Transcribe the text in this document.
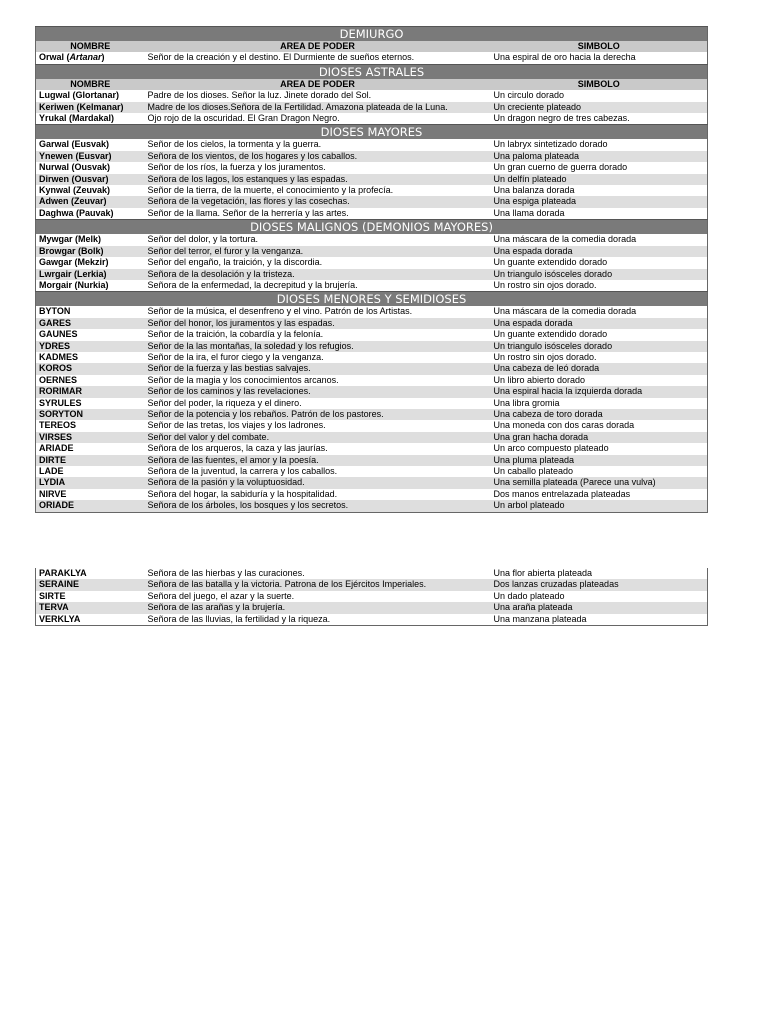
DEMIURGO		
NOMBRE	AREA DE PODER	SIMBOLO
Orwal (Artanar)	Señor de la creación y el destino. El Durmiente de sueños eternos.	Una espiral de oro hacia la derecha
DIOSES ASTRALES		
NOMBRE	AREA DE PODER	SIMBOLO
Lugwal (Glortanar)	Padre de los dioses. Señor la luz. Jinete dorado del Sol.	Un circulo dorado
Keriwen (Kelmanar)	Madre de los dioses.Señora de la Fertilidad. Amazona plateada de la Luna.	Un creciente plateado
Yrukal (Mardakal)	Ojo rojo de la oscuridad. El Gran Dragon Negro.	Un dragon negro de tres cabezas.
DIOSES MAYORES		
Garwal (Eusvak)	Señor de los cielos, la tormenta y la guerra.	Un labryx sintetizado dorado
Ynewen (Eusvar)	Señora de los vientos, de los hogares y los caballos.	Una paloma plateada
Nurwal (Ousvak)	Señor de los ríos, la fuerza y los juramentos.	Un gran cuerno de guerra dorado
Dirwen (Ousvar)	Señora de los lagos, los estanques y las espadas.	Un delfín plateado
Kynwal (Zeuvak)	Señor de la tierra, de la muerte, el conocimiento y la profecía.	Una balanza dorada
Adwen (Zeuvar)	Señora de la vegetación, las flores y las cosechas.	Una espiga plateada
Daghwa (Pauvak)	Señor de la llama. Señor de la herrería y las artes.	Una llama dorada
DIOSES MALIGNOS (DEMONIOS MAYORES)		
Mywgar (Melk)	Señor del dolor, y la tortura.	Una máscara de la comedia dorada
Browgar (Bolk)	Señor del terror, el furor y la venganza.	Una espada dorada
Gawgar (Mekzir)	Señor del engaño, la traición, y la discordia.	Un guante extendido dorado
Lwrgair (Lerkia)	Señora de la desolación y la tristeza.	Un triangulo isósceles dorado
Morgair (Nurkia)	Señora de la enfermedad, la decrepitud y la brujería.	Un rostro sin ojos dorado.
DIOSES MENORES Y SEMIDIOSES		
BYTON	Señor de la música, el desenfreno y el vino. Patrón de los Artistas.	Una máscara de la comedia dorada
GARES	Señor del honor, los juramentos y las espadas.	Una espada dorada
GAUNES	Señor de la traición, la cobardía y la felonía.	Un guante extendido dorado
YDRES	Señor de la las montañas, la soledad y los refugios.	Un triangulo isósceles dorado
KADMES	Señor de la ira, el furor ciego y la venganza.	Un rostro sin ojos dorado.
KOROS	Señor de la fuerza y las bestias salvajes.	Una cabeza de leó dorada
OERNES	Señor de la magia y los conocimientos arcanos.	Un libro abierto dorado
RORIMAR	Señor de los caminos y las revelaciones.	Una espiral hacia la izquierda dorada
SYRULES	Señor del poder, la riqueza y el dinero.	Una libra gromia
SORYTON	Señor de la potencia y los rebaños. Patrón de los pastores.	Una cabeza de toro dorada
TEREOS	Señor de las tretas, los viajes y los ladrones.	Una moneda con dos caras dorada
VIRSES	Señor del valor y del combate.	Una gran hacha dorada
ARIADE	Señora de los arqueros, la caza y las jaurías.	Un arco compuesto plateado
DIRTE	Señora de las fuentes, el amor y la poesía.	Una pluma plateada
LADE	Señora de la juventud, la carrera y los caballos.	Un caballo plateado
LYDIA	Señora de la pasión y la voluptuosidad.	Una semilla plateada (Parece una vulva)
NIRVE	Señora del hogar, la sabiduría y la hospitalidad.	Dos manos entrelazada plateadas
ORIADE	Señora de los árboles, los bosques y los secretos.	Un arbol plateado
PARAKLYA	Señora de las hierbas y las curaciones.	Una flor abierta plateada
SERAINE	Señora de las batalla y la victoria. Patrona de los Ejércitos Imperiales.	Dos lanzas cruzadas plateadas
SIRTE	Señora del juego, el azar y la suerte.	Un dado plateado
TERVA	Señora de las arañas y la brujería.	Una araña plateada
VERKLYA	Señora de las lluvias, la fertilidad y la riqueza.	Una manzana plateada
